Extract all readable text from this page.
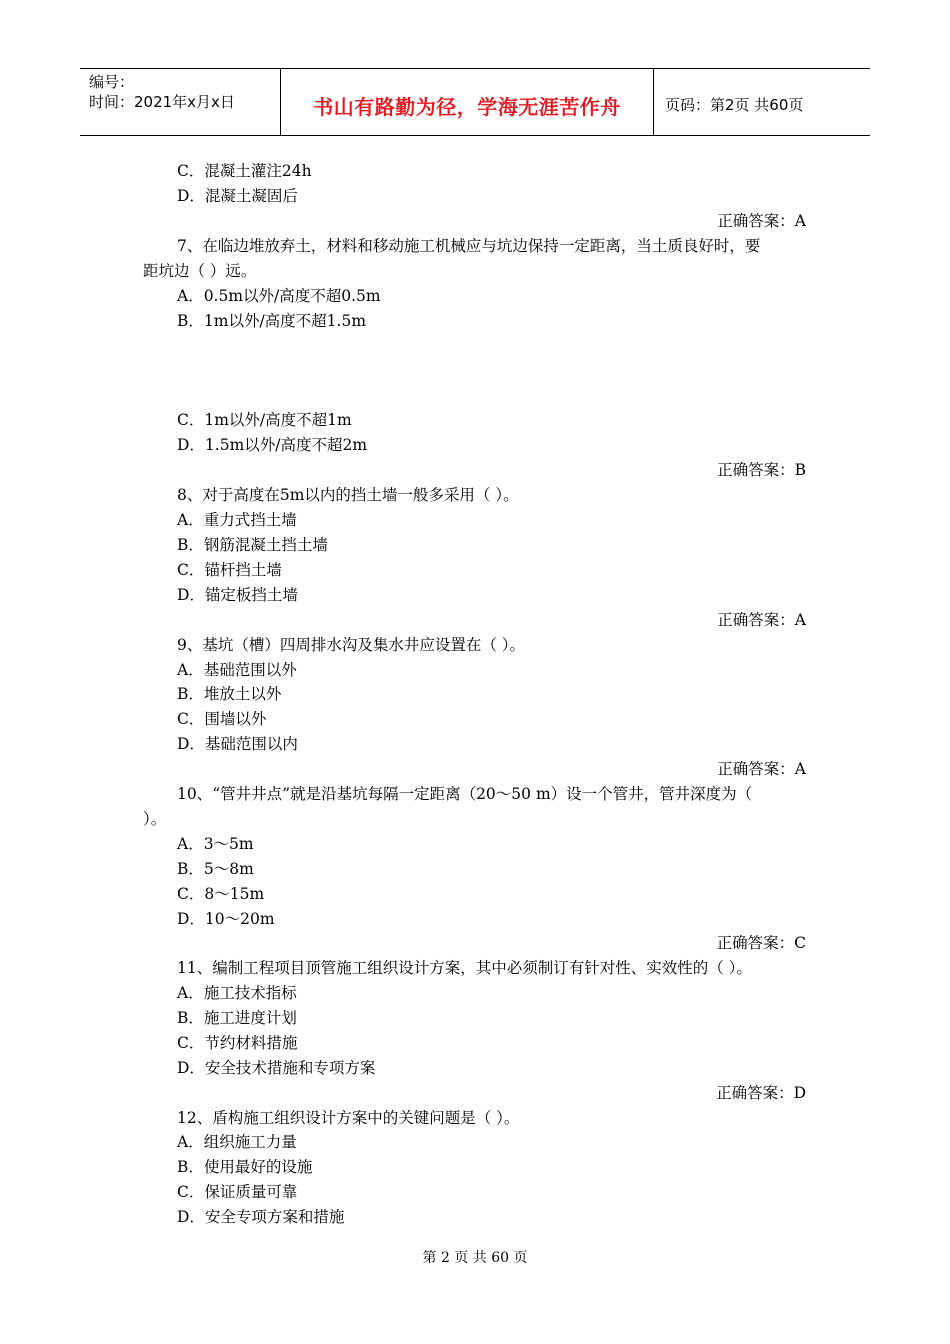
编号：
时间：2021年x月x日	书山有路勤为径，学海无涯苦作舟	页码：第2页 共60页
C．混凝土灌注24h
D．混凝土凝固后
正确答案：A
7、在临边堆放弃土，材料和移动施工机械应与坑边保持一定距离，当土质良好时，要
距坑边（ ）远。
A．0.5m以外/高度不超0.5m
B．1m以外/高度不超1.5m
C．1m以外/高度不超1m
D．1.5m以外/高度不超2m
正确答案：B
8、对于高度在5m以内的挡土墙一般多采用（ ）。
A．重力式挡土墙
B．钢筋混凝土挡土墙
C．锚杆挡土墙
D．锚定板挡土墙
正确答案：A
9、基坑（槽）四周排水沟及集水井应设置在（ ）。
A．基础范围以外
B．堆放土以外
C．围墙以外
D．基础范围以内
正确答案：A
10、“管井井点”就是沿基坑每隔一定距离（20～50 m）设一个管井，管井深度为（
）。
A．3～5m
B．5～8m
C．8～15m
D．10～20m
正确答案：C
11、编制工程项目顶管施工组织设计方案，其中必须制订有针对性、实效性的（ ）。
A．施工技术指标
B．施工进度计划
C．节约材料措施
D．安全技术措施和专项方案
正确答案：D
12、盾构施工组织设计方案中的关键问题是（ ）。
A．组织施工力量
B．使用最好的设施
C．保证质量可靠
D．安全专项方案和措施
第 2 页 共 60 页
